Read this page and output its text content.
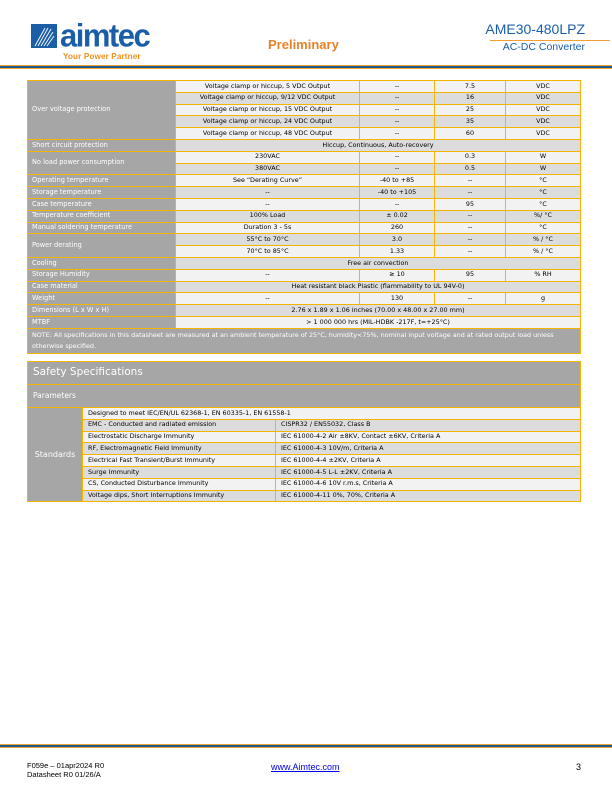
aimtec
Your Power Partner
Preliminary
AME30-480LPZ
AC-DC Converter
Over voltage protection	Voltage clamp or hiccup, 5 VDC Output	--	7.5	VDC
	Voltage clamp or hiccup, 9/12 VDC Output	--	16	VDC
	Voltage clamp or hiccup, 15 VDC Output	--	25	VDC
	Voltage clamp or hiccup, 24 VDC Output	--	35	VDC
	Voltage clamp or hiccup, 48 VDC Output	--	60	VDC
Short circuit protection	Hiccup, Continuous, Auto-recovery			
No load power consumption	230VAC	--	0.3	W
	380VAC	--	0.5	W
Operating temperature	See “Derating Curve”	-40 to +85	--	°C
Storage temperature	--	-40 to +105	--	°C
Case temperature	--	--	95	°C
Temperature coefficient	100% Load	± 0.02	--	%/ °C
Manual soldering temperature	Duration 3 - 5s	260	--	°C
Power derating	55°C to 70°C	3.0	--	% / °C
	70°C to 85°C	1.33	--	% / °C
Cooling	Free air convection			
Storage Humidity	--	≥ 10	95	% RH
Case material	Heat resistant black Plastic (flammability to UL 94V-0)			
Weight	--	130	--	g
Dimensions (L x W x H)	2.76 x 1.89 x 1.06 inches (70.00 x 48.00 x 27.00 mm)			
MTBF	> 1 000 000 hrs (MIL-HDBK -217F, t=+25°C)			
NOTE: All specifications in this datasheet are measured at an ambient temperature of 25°C, humidity<75%, nominal input voltage and at rated output load unless otherwise specified.				
Safety Specifications		
Parameters		
Standards	Designed to meet IEC/EN/UL 62368-1, EN 60335-1, EN 61558-1	
	EMC - Conducted and radiated emission	CISPR32 / EN55032, Class B
	Electrostatic Discharge Immunity	IEC 61000-4-2 Air ±8KV, Contact ±6KV, Criteria A
	RF, Electromagnetic Field Immunity	IEC 61000-4-3 10V/m, Criteria A
	Electrical Fast Transient/Burst Immunity	IEC 61000-4-4 ±2KV, Criteria A
	Surge Immunity	IEC 61000-4-5 L-L ±2KV, Criteria A
	CS, Conducted Disturbance Immunity	IEC 61000-4-6 10V r.m.s, Criteria A
	Voltage dips, Short Interruptions Immunity	IEC 61000-4-11 0%, 70%, Criteria A
F059e – 01apr2024 R0
Datasheet R0 01/26/A
www.Aimtec.com	3
